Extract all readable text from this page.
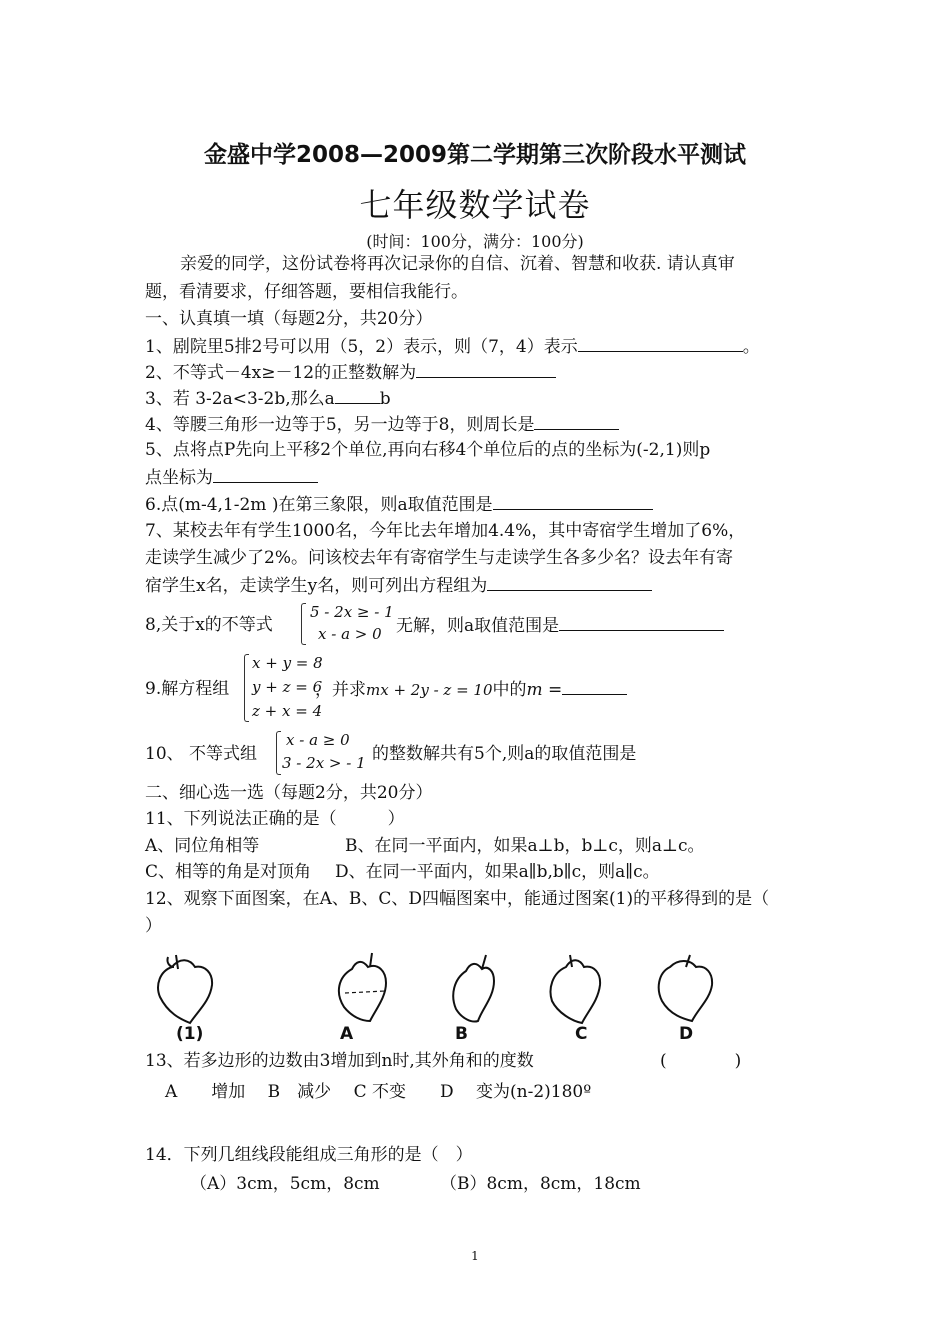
金盛中学2008—2009第二学期第三次阶段水平测试
七年级数学试卷
(时间：100分，满分：100分)
亲爱的同学，这份试卷将再次记录你的自信、沉着、智慧和收获. 请认真审
题，看清要求，仔细答题，要相信我能行。
一、认真填一填（每题2分，共20分）
1、剧院里5排2号可以用（5，2）表示，则（7，4）表示	。
2、不等式－4x≥－12的正整数解为
3、若 3-2a<3-2b,那么a	b
4、等腰三角形一边等于5，另一边等于8，则周长是
5、点将点P先向上平移2个单位,再向右移4个单位后的点的坐标为(-2,1)则p
点坐标为
6.点(m-4,1-2m )在第三象限，则a取值范围是
7、某校去年有学生1000名，今年比去年增加4.4%，其中寄宿学生增加了6%，
走读学生减少了2%。问该校去年有寄宿学生与走读学生各多少名？设去年有寄
宿学生x名，走读学生y名，则可列出方程组为
8,关于x的不等式
5 - 2x ≥ - 1
x - a > 0 无解，则a取值范围是
9.解方程组
x + y = 8
y + z = 6
z + x = 4
，并求mx + 2y - z = 10中的m =
10、 不等式组
x - a ≥ 0
3 - 2x > - 1 的整数解共有5个,则a的取值范围是
二、细心选一选（每题2分，共20分）
11、下列说法正确的是（　　　）
A、同位角相等	B、在同一平面内，如果a⊥b，b⊥c，则a⊥c。
C、相等的角是对顶角 D、在同一平面内，如果a∥b,b∥c，则a∥c。
12、观察下面图案，在A、B、C、D四幅图案中，能通过图案(1)的平移得到的是（
）
(1)	A	B	C	D
13、若多边形的边数由3增加到n时,其外角和的度数	(　　　　)
A　　增加　 B　减少　 C 不变　　D　 变为(n-2)180º
14．下列几组线段能组成三角形的是（　）
（A）3cm，5cm，8cm	（B）8cm，8cm，18cm
1
